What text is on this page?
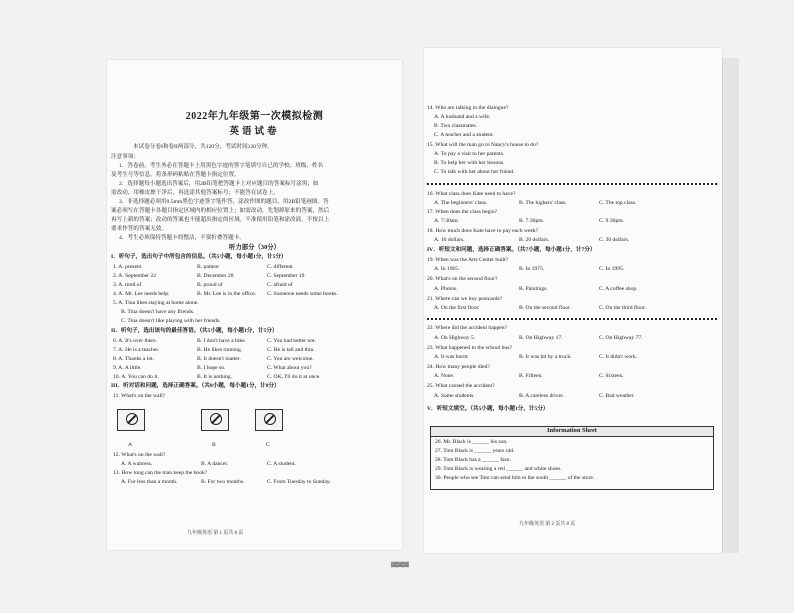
2022年九年级第一次模拟检测
英语试卷
本试卷分卷I和卷II两部分，共120分，考试时间120分钟。
注意事项：
1．答卷前，考生务必在答题卡上用黑色字迹的签字笔填写自己的学校、班级、姓名
及考生号等信息，将条形码粘贴在答题卡指定位置。
2．选择题每小题选出答案后，用2B铅笔把答题卡上对应题目的答案标号涂黑；如
需改动，用橡皮擦干净后，再选涂其他答案标号；不能答在试卷上。
3．非选择题必须用0.5mm黑色字迹签字笔作答，涂改作图的题目，用2B铅笔画图。答
案必须写在答题卡各题目指定区域内的相应位置上；如需改动，先划掉原来的答案，然后
再写上新的答案；改动的答案也不能超出指定的区域。不准使用铅笔和涂改液，不按以上
要求作答的答案无效。
4．考生必须保持答题卡的整洁，不要折叠答题卡。
听力部分（30分）
I．听句子，选出句子中所包含的信息。（共5小题，每小题1分，计5分）
1. A. present	B. patient	C. different
2. A. September 22	B. December 28	C. September 19
3. A. tired of	B. proud of	C. afraid of
4. A. Mr. Lee needs help.	B. Mr. Lee is in the office. C. Someone needs some books.
5. A. Tina likes staying at home alone.
B. Tina doesn't have any friends.
C. Tina doesn't like playing with her friends.
II．听句子，选出该句的最佳答语。（共5小题，每小题1分，计5分）
6. A. It's over there.	B. I don't have a bike.	C. You had better not.
7. A. He is a teacher.	B. He likes running.	C. He is tall and thin.
8. A. Thanks a lot.	B. It doesn't matter.	C. You are welcome.
9. A. A little.	B. I hope so.	C. What about you?
10. A. You can do it.	B. It is nothing.	C. OK, I'll do it at once.
III．听对话和问题，选择正确答案。（共8小题，每小题1分，计8分）
11. What's on the wall?
A	B	C
12. What's on the wall?
A. A waitress.	B. A dancer.	C. A student.
13. How long can the man keep the book?
A. For less than a month.	B. For two months.	C. From Tuesday to Sunday.
九年级英语 第 1 页共 8 页
14. Who are talking in the dialogue?
A. A husband and a wife.
B. Two classmates.
C. A teacher and a student.
15. What will the man go to Nancy's house to do?
A. To pay a visit to her parents.
B. To help her with her lessons.
C. To talk with her about her friend.
16. What class does Kate need to have?
A. The beginners' class.	B. The highers' class.	C. The top class.
17. When does the class begin?
A. 7:30am.	B. 7:30pm.	C. 9:30pm.
18. How much does Kate have to pay each week?
A. 10 dollars.	B. 20 dollars.	C. 30 dollars.
IV．听短文和问题，选择正确答案。（共7小题，每小题1分，计7分）
19. When was the Arts Center built?
A. In 1965.	B. In 1975.	C. In 1995.
20. What's on the second floor?
A. Photos.	B. Paintings.	C. A coffee shop.
21. Where can we buy postcards?
A. On the first floor.	B. On the second floor.	C. On the third floor.
22. Where did the accident happen?
A. On Highway 5.	B. On Highway 17.	C. On Highway 77.
23. What happened to the school bus?
A. It was burnt.	B. It was hit by a truck.	C. It didn't work.
24. How many people died?
A. None.	B. Fifteen.	C. Sixteen.
25. What caused the accident?
A. Some students.	B. A careless driver.	C. Bad weather.
V．听短文填空。（共5小题，每小题1分，计5分）
Information Sheet
26. Mr. Black is ______ his son.
27. Tom Black is ______ years old.
28. Tom Black has a ______ face.
29. Tom Black is wearing a red ______ and white shoes.
30. People who see Tom can send him to the south ______ of the store.
九年级英语 第 2 页共 8 页
回回回
